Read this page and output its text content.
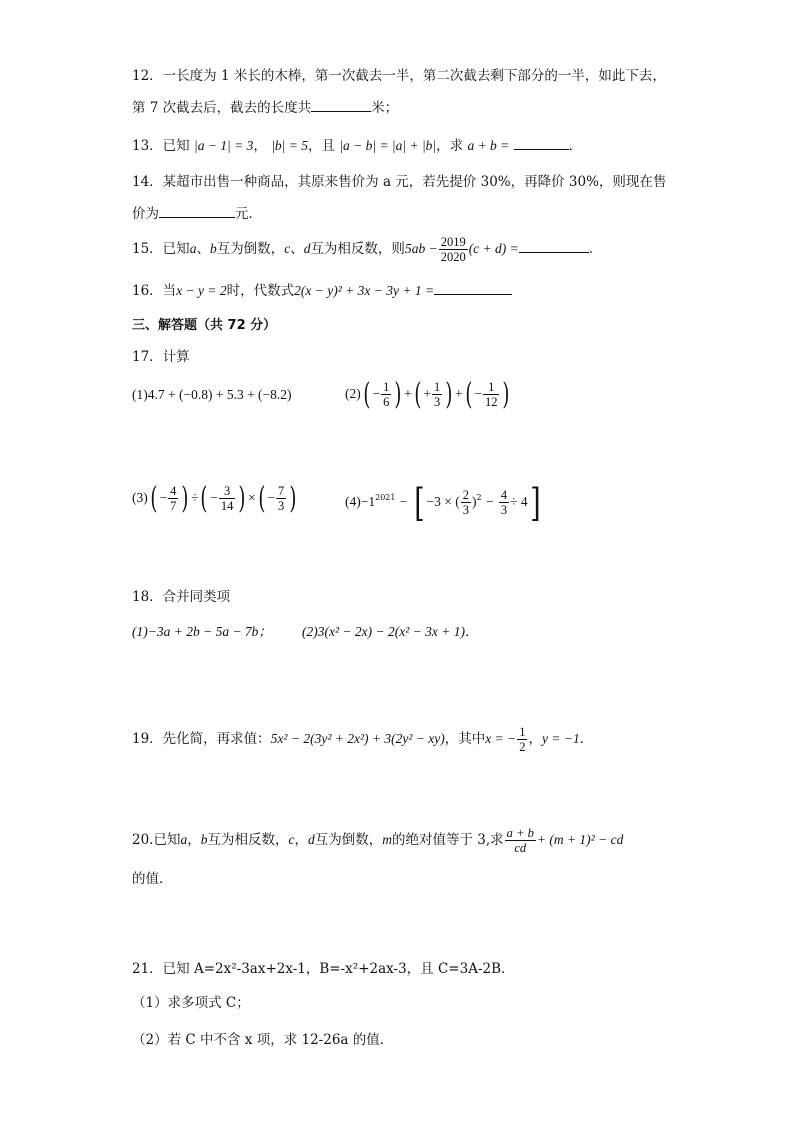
12．一长度为 1 米长的木棒，第一次截去一半，第二次截去剩下部分的一半，如此下去，
第 7 次截去后，截去的长度共	米；
13．已知 |a − 1| = 3， |b| = 5，且 |a − b| = |a| + |b|，求 a + b =	．
14．某超市出售一种商品，其原来售价为 a 元，若先提价 30%，再降价 30%，则现在售
价为	元．
15．已知a、b互为倒数，c、d互为相反数，则$5ab - \frac{2019}{2020} (c + d)$ =	．
16．当x − y = 2时，代数式2(x − y)² + 3x − 3y + 1 =
三、解答题（共 72 分）
17．计算
(1)4.7 + (−0.8) + 5.3 + (−8.2)	$(2)( - \frac{1}{6}$ ) +( + $\frac{1}{3}$ ) +( − $\frac{1}{12}$ )
$(3)( - \frac{4}{7}$ ) ÷( − $\frac{3}{14}$ ) ×( − $\frac{7}{3}$ )	$(4)-1^{2021}$ − [ −3 × ( $\frac{2}{3} )^2 - \frac{4}{3} \div 4$]
18．合并同类项
(1)−3a + 2b − 5a − 7b； (2)3(x² − 2x) − 2(x² − 3x + 1)．
19．先化简，再求值：5x² − 2(3y² + 2x²) + 3(2y² − xy)，其中x = − $\frac{1}{2}$ ，y = −1．
20.已知a，b互为相反数，c，d互为倒数，m的绝对值等于 3,求 $\frac{a + b}{cd} + (m + 1)^2$ − cd
的值．
21．已知 A=2x²-3ax+2x-1，B=-x²+2ax-3，且 C=3A-2B．
（1）求多项式 C；
（2）若 C 中不含 x 项，求 12-26a 的值．
